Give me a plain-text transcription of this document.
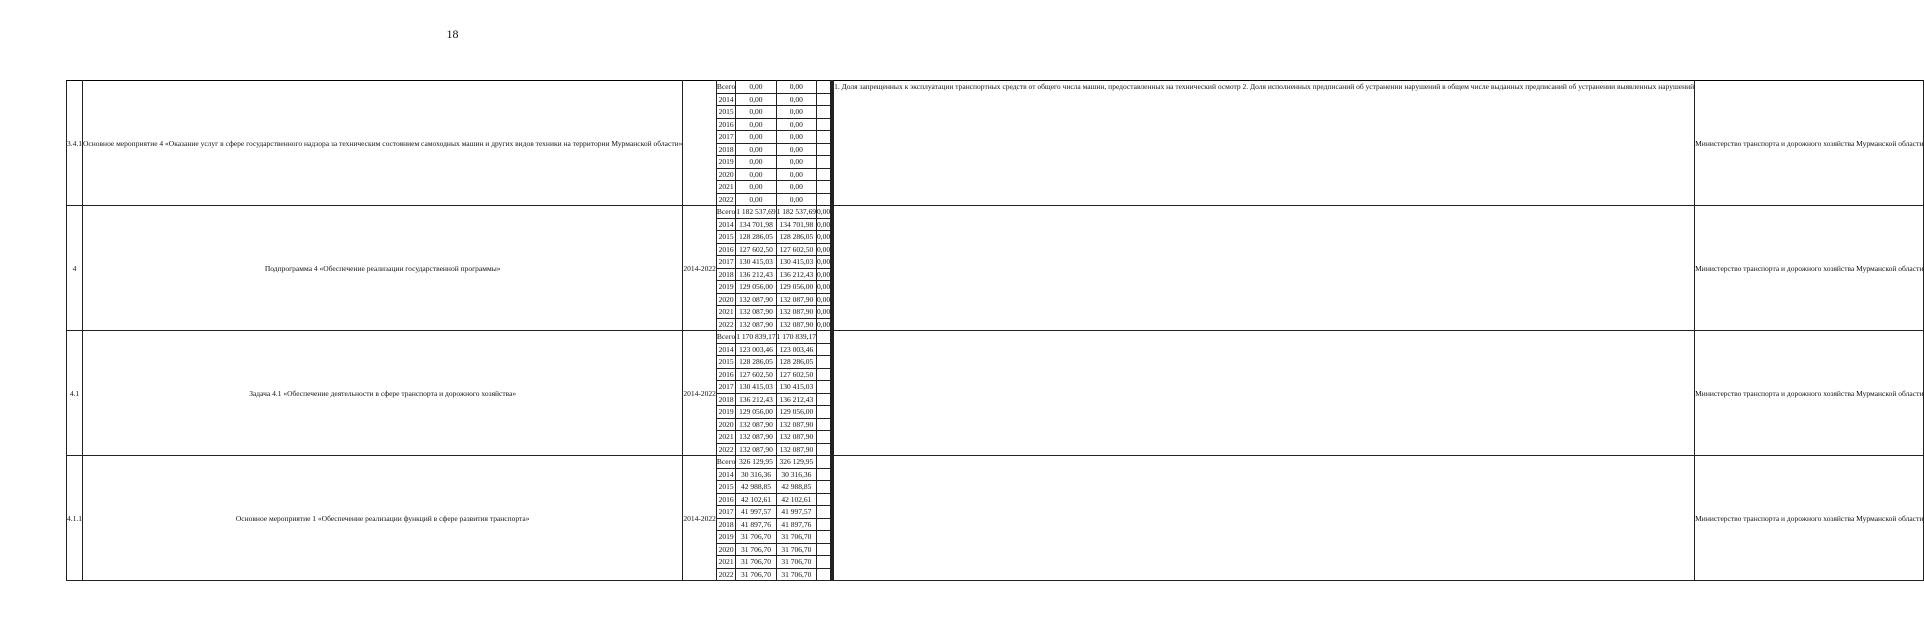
18
3.4.1	Основное мероприятие 4 «Оказание услуг в сфере государственного надзора за техническим состоянием самоходных машин и других видов техники на территории Мурманской области»		Всего	0,00	0,00					1. Доля запрещенных к эксплуатации транспортных средств от общего числа машин, предоставленных на технический осмотр 2. Доля исполненных предписаний об устранении нарушений в общем числе выданных предписаний об устранении выявленных нарушений	Министерство транспорта и дорожного хозяйства Мурманской области
			2014	0,00	0,00				
			2015	0,00	0,00				
			2016	0,00	0,00				
			2017	0,00	0,00				
			2018	0,00	0,00				
			2019	0,00	0,00				
			2020	0,00	0,00				
			2021	0,00	0,00				
			2022	0,00	0,00				
4	Подпрограмма 4 «Обеспечение реализации государственной программы»	2014-2022	Всего	1 182 537,69	1 182 537,69	0,00					Министерство транспорта и дорожного хозяйства Мурманской области
			2014	134 701,98	134 701,98	0,00			
			2015	128 286,05	128 286,05	0,00			
			2016	127 602,50	127 602,50	0,00			
			2017	130 415,03	130 415,03	0,00			
			2018	136 212,43	136 212,43	0,00			
			2019	129 056,00	129 056,00	0,00			
			2020	132 087,90	132 087,90	0,00			
			2021	132 087,90	132 087,90	0,00			
			2022	132 087,90	132 087,90	0,00			
4.1	Задача 4.1 «Обеспечение деятельности в сфере транспорта и дорожного хозяйства»	2014-2022	Всего	1 170 839,17	1 170 839,17						Министерство транспорта и дорожного хозяйства Мурманской области
			2014	123 003,46	123 003,46				
			2015	128 286,05	128 286,05				
			2016	127 602,50	127 602,50				
			2017	130 415,03	130 415,03				
			2018	136 212,43	136 212,43				
			2019	129 056,00	129 056,00				
			2020	132 087,90	132 087,90				
			2021	132 087,90	132 087,90				
			2022	132 087,90	132 087,90				
4.1.1	Основное мероприятие 1 «Обеспечение реализации функций в сфере развития транспорта»	2014-2022	Всего	326 129,95	326 129,95						Министерство транспорта и дорожного хозяйства Мурманской области
			2014	30 316,36	30 316,36				
			2015	42 988,85	42 988,85				
			2016	42 102,61	42 102,61				
			2017	41 997,57	41 997,57				
			2018	41 897,76	41 897,76				
			2019	31 706,70	31 706,70				
			2020	31 706,70	31 706,70				
			2021	31 706,70	31 706,70				
			2022	31 706,70	31 706,70				
